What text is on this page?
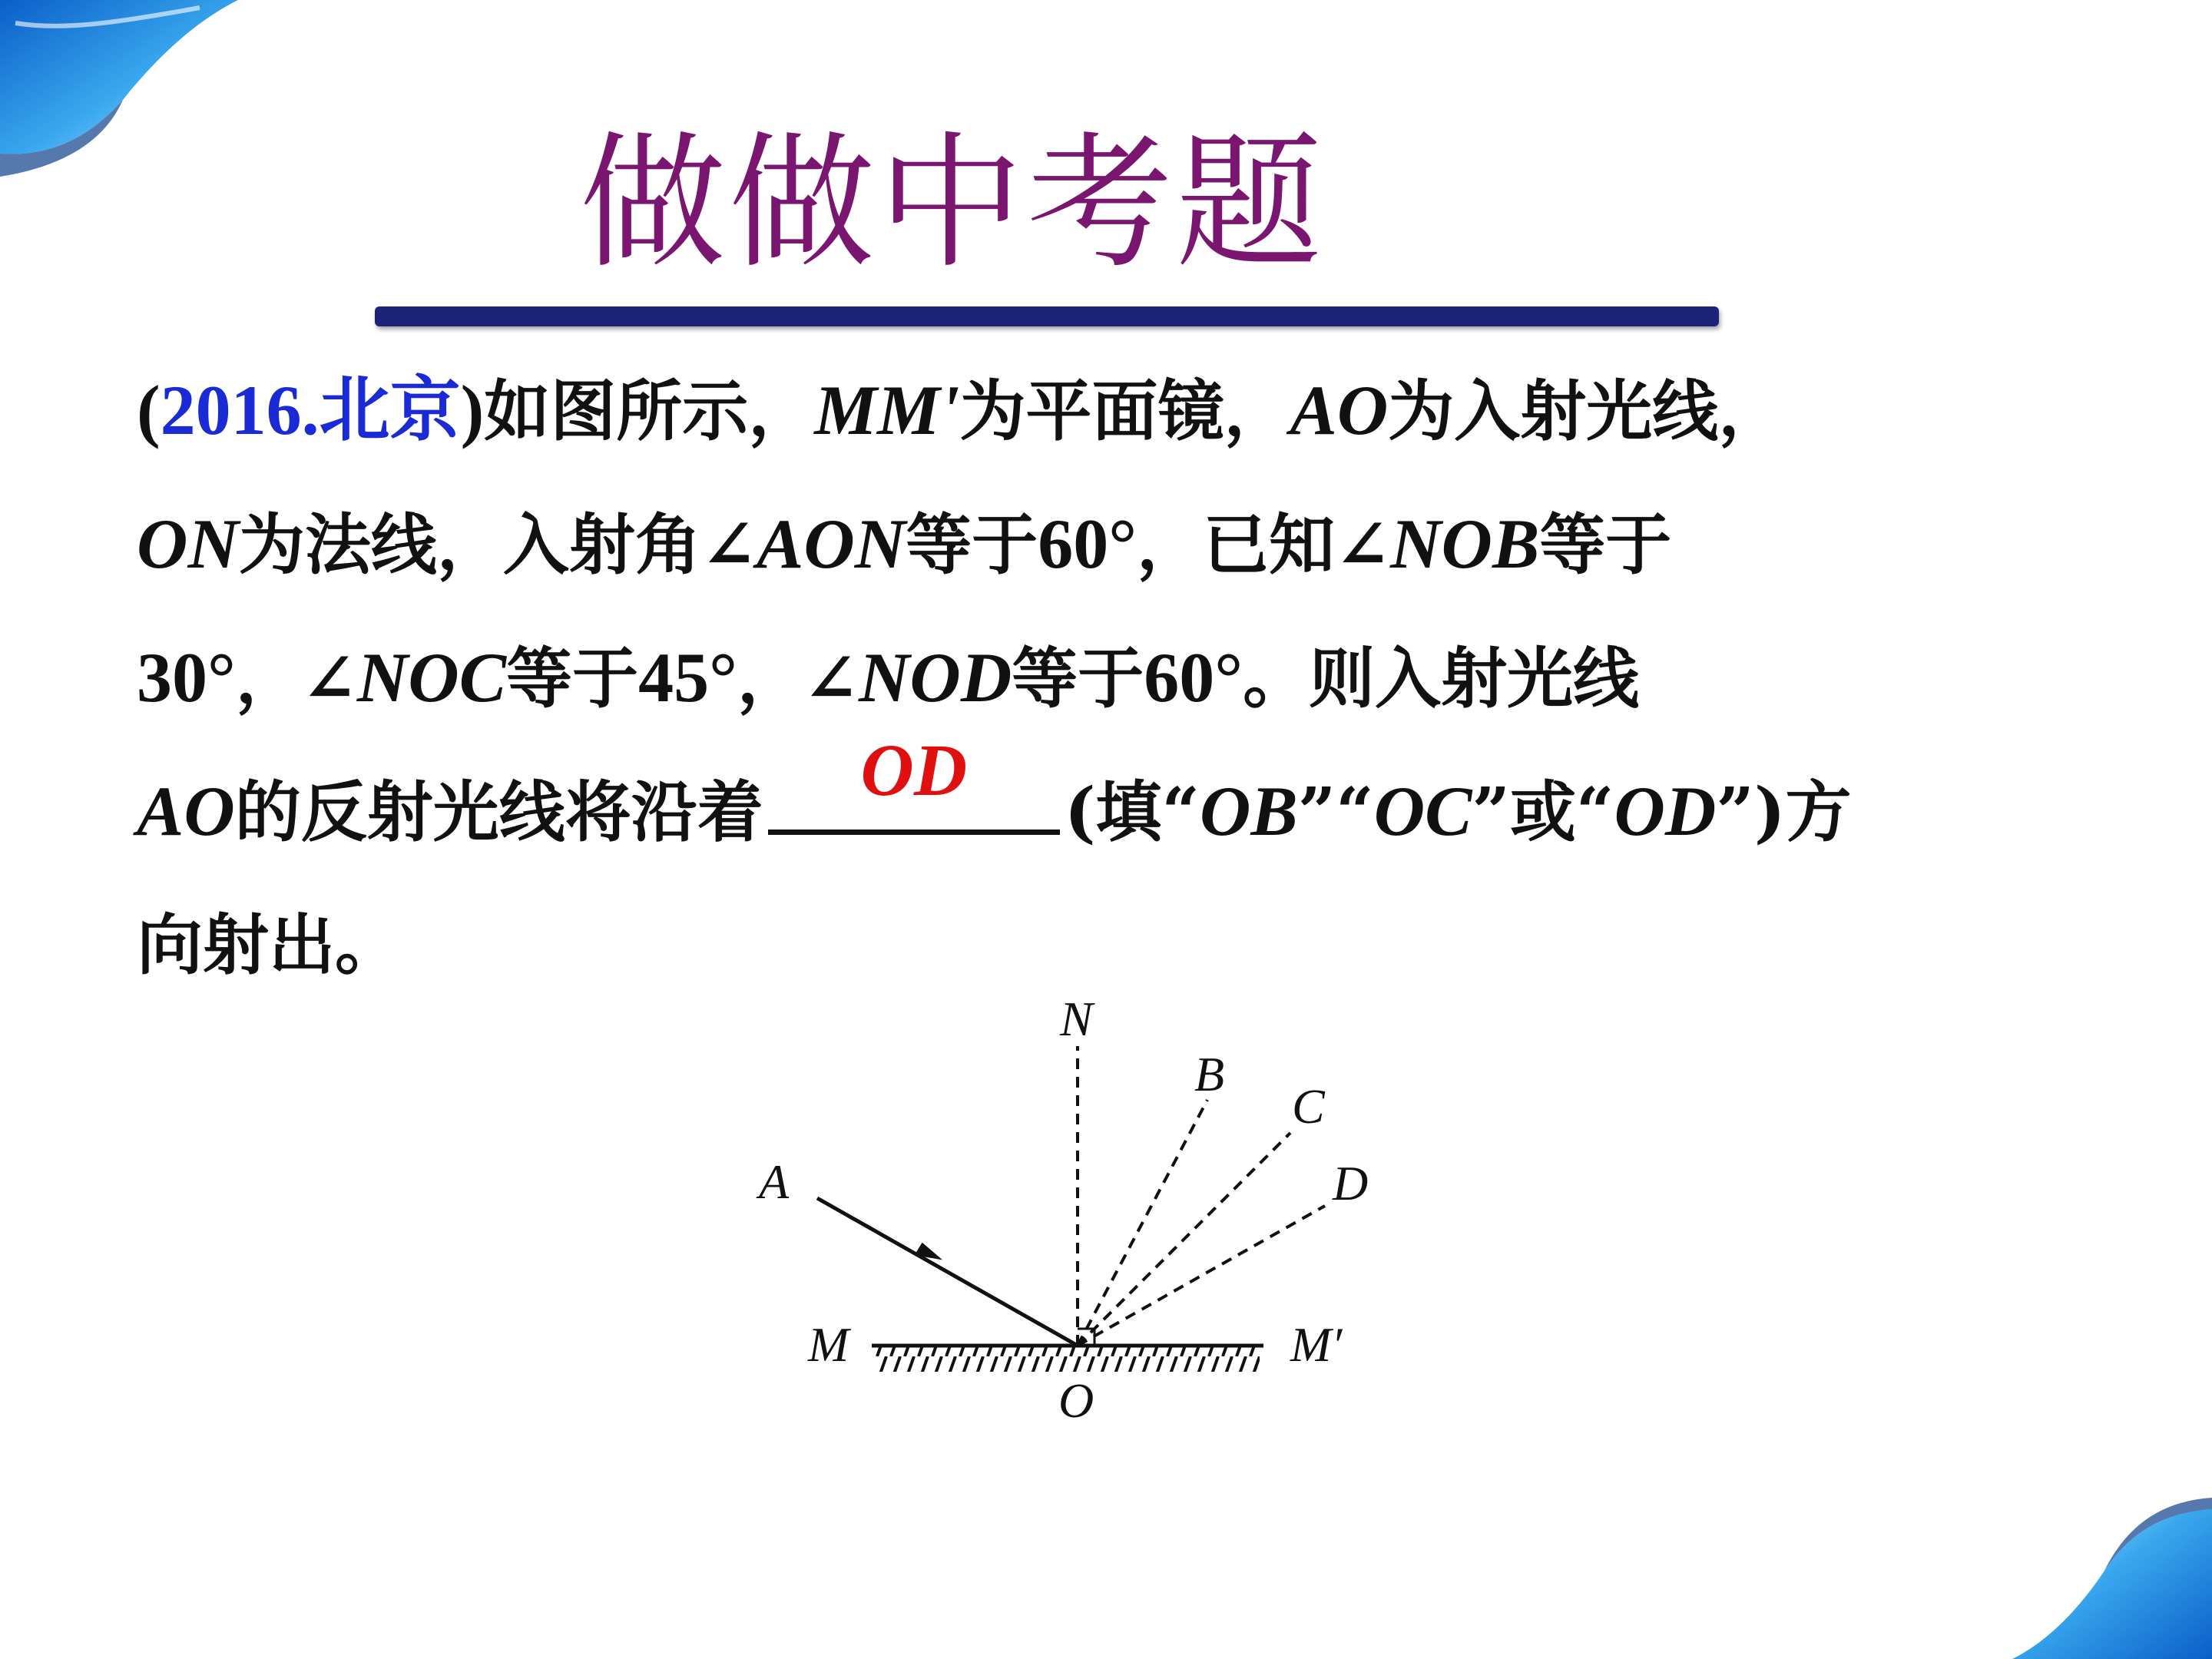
做做中考题
(2016.北京)如图所示，MM'为平面镜，AO为入射光线，
ON为法线，入射角∠AON等于60°，已知∠NOB等于
30°，∠NOC等于45°，∠NOD等于60°。则入射光线
AO的反射光线将沿着
OD
(填“OB”“OC”或“OD”)方
向射出。
N
B
C
D
A
M	M′
O
